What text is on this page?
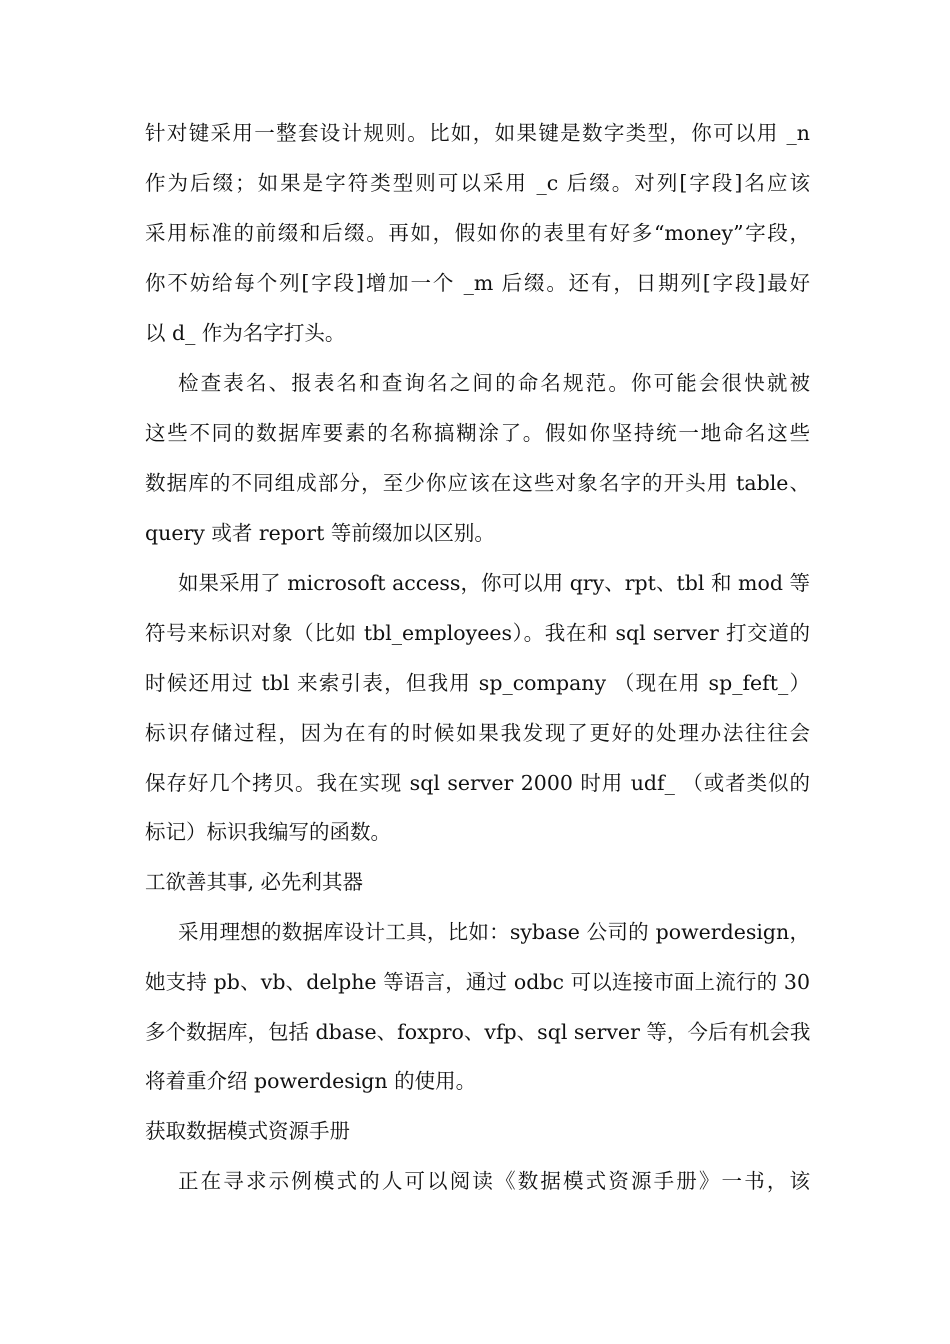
针对键采用一整套设计规则。比如，如果键是数字类型，你可以用 _n
作为后缀；如果是字符类型则可以采用 _c 后缀。对列[字段]名应该
采用标准的前缀和后缀。再如，假如你的表里有好多“money”字段，
你不妨给每个列[字段]增加一个 _m 后缀。还有，日期列[字段]最好
以 d_ 作为名字打头。
检查表名、报表名和查询名之间的命名规范。你可能会很快就被
这些不同的数据库要素的名称搞糊涂了。假如你坚持统一地命名这些
数据库的不同组成部分，至少你应该在这些对象名字的开头用 table、
query 或者 report 等前缀加以区别。
如果采用了 microsoft access，你可以用 qry、rpt、tbl 和 mod 等
符号来标识对象（比如 tbl_employees）。我在和 sql server 打交道的
时候还用过 tbl 来索引表，但我用 sp_company （现在用 sp_feft_）
标识存储过程，因为在有的时候如果我发现了更好的处理办法往往会
保存好几个拷贝。我在实现 sql server 2000 时用 udf_ （或者类似的
标记）标识我编写的函数。
工欲善其事, 必先利其器
采用理想的数据库设计工具，比如：sybase 公司的 powerdesign，
她支持 pb、vb、delphe 等语言，通过 odbc 可以连接市面上流行的 30
多个数据库，包括 dbase、foxpro、vfp、sql server 等，今后有机会我
将着重介绍 powerdesign 的使用。
获取数据模式资源手册
正在寻求示例模式的人可以阅读《数据模式资源手册》一书，该
